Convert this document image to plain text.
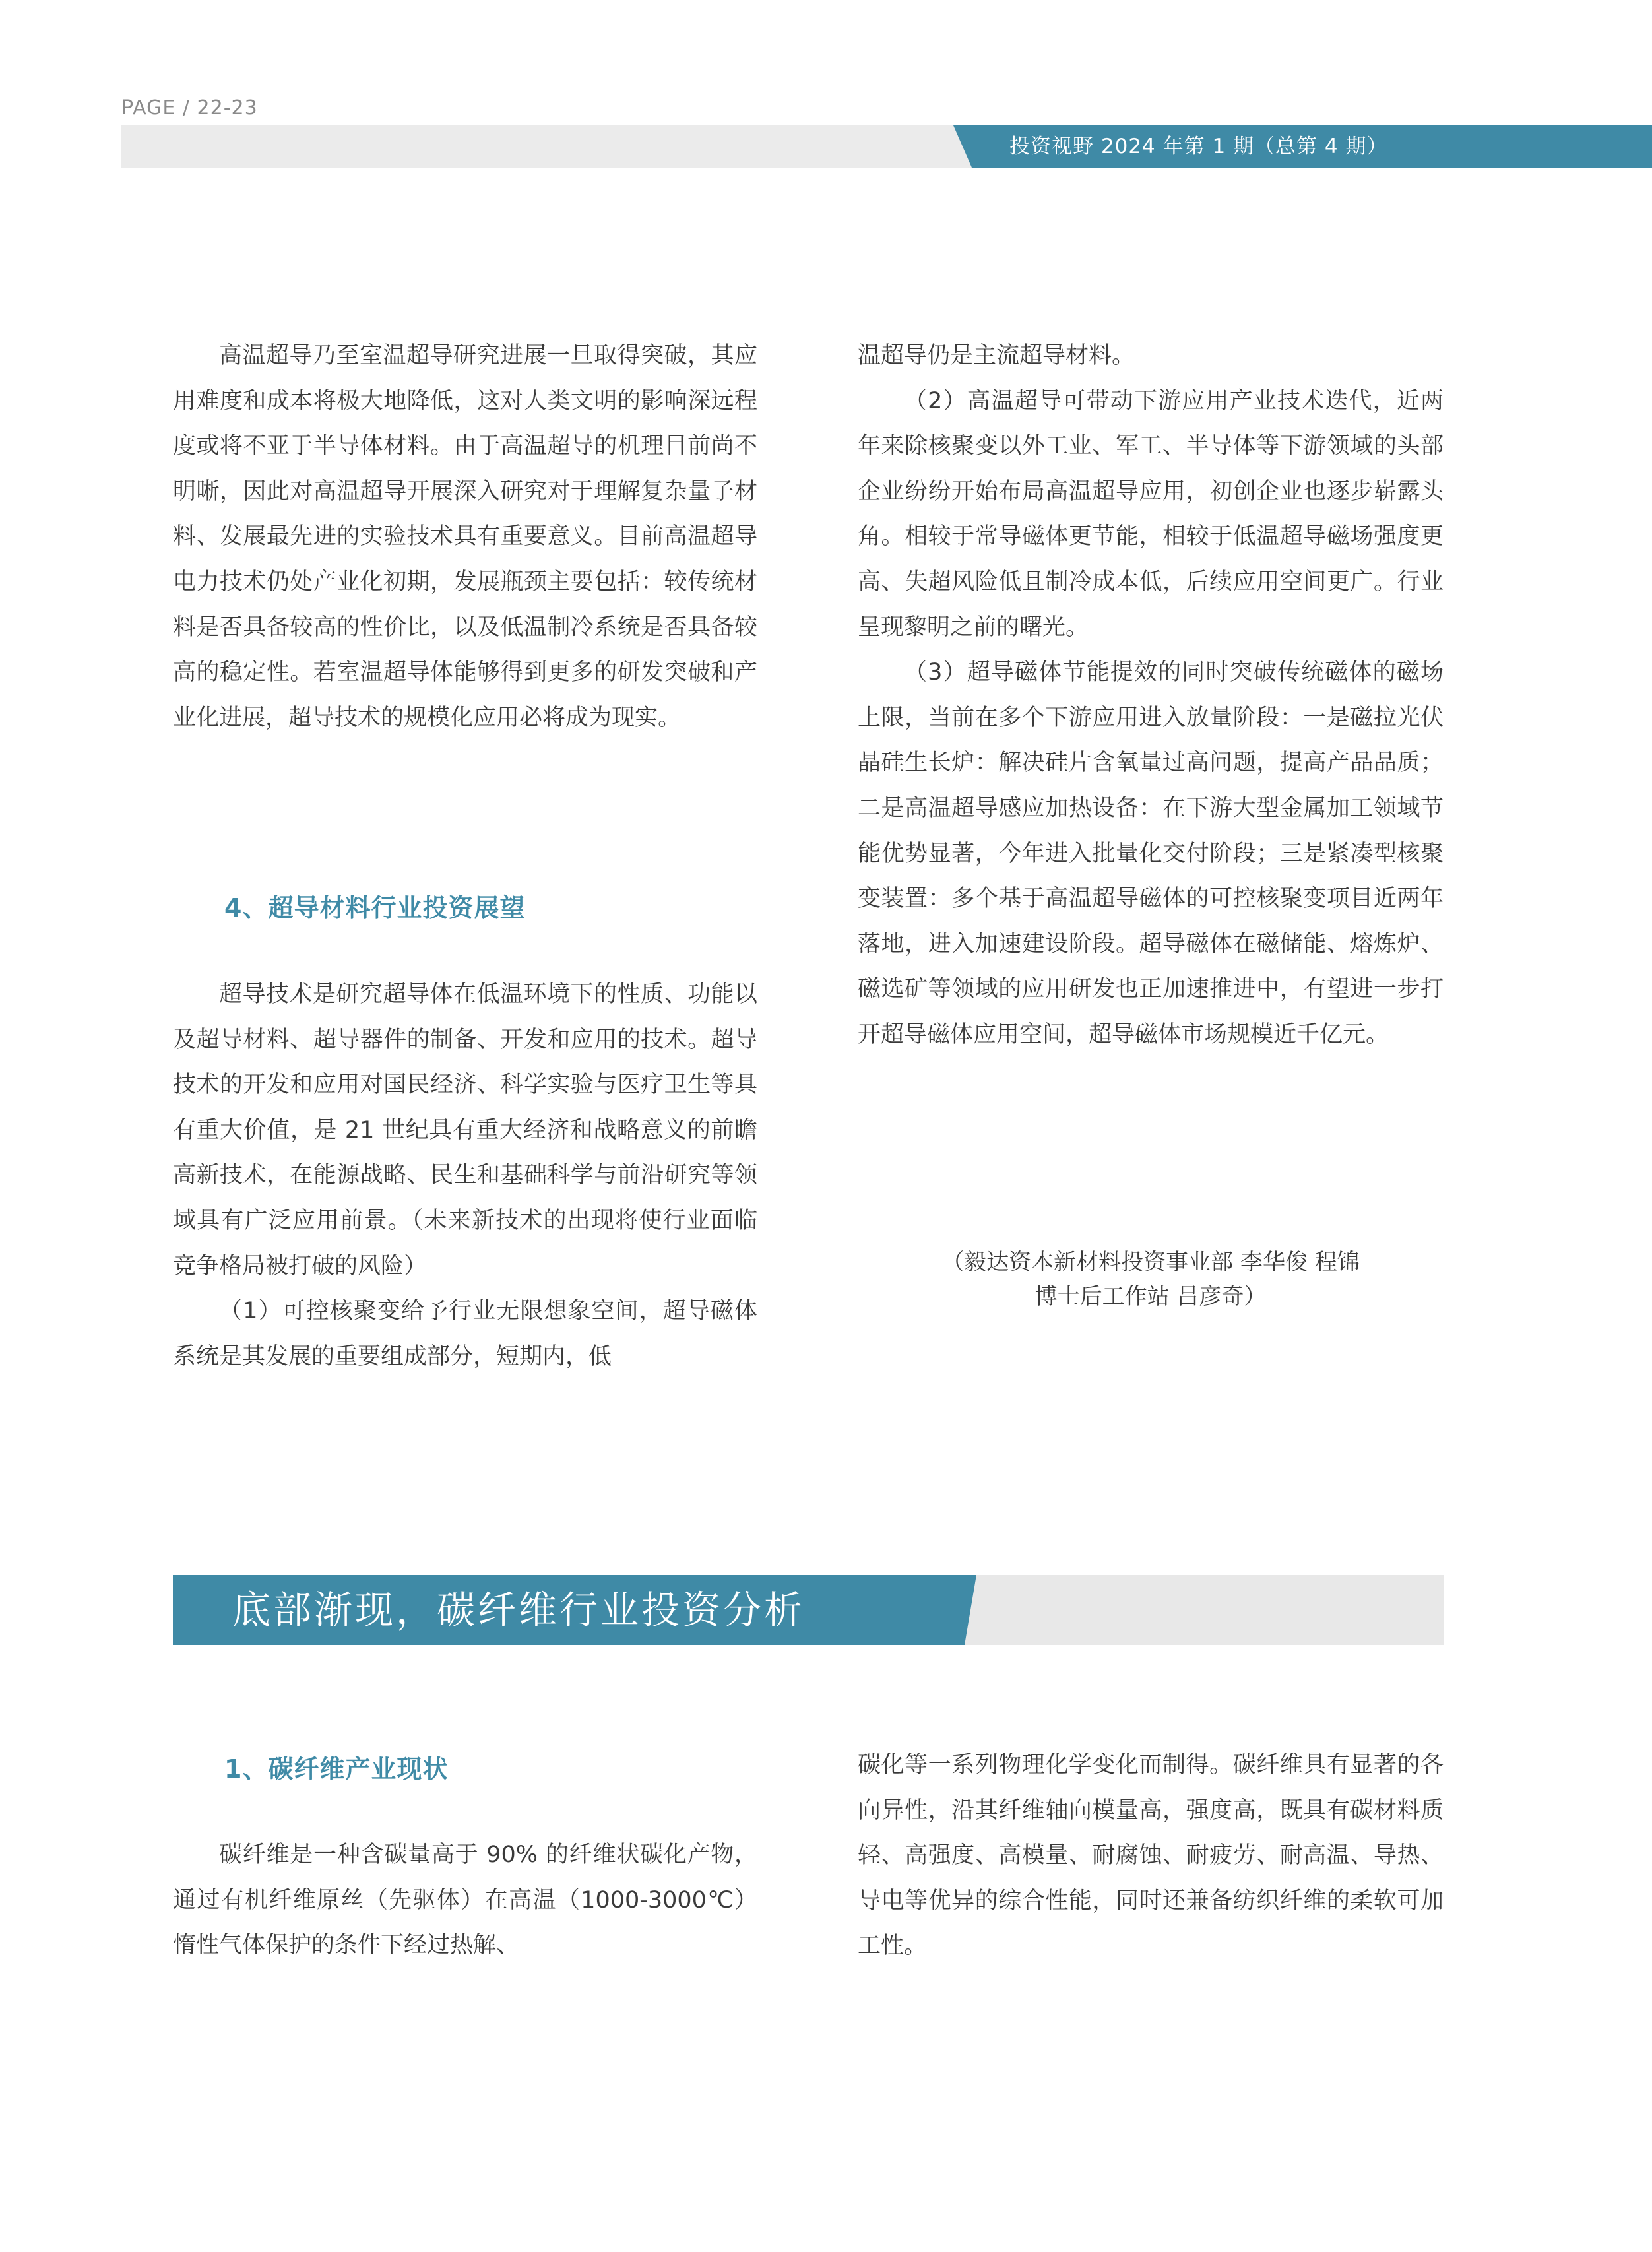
PAGE / 22-23
投资视野 2024 年第 1 期（总第 4 期）

高温超导乃至室温超导研究进展一旦取得突破，其应用难度和成本将极大地降低，这对人类文明的影响深远程度或将不亚于半导体材料。由于高温超导的机理目前尚不明晰，因此对高温超导开展深入研究对于理解复杂量子材料、发展最先进的实验技术具有重要意义。目前高温超导电力技术仍处产业化初期，发展瓶颈主要包括：较传统材料是否具备较高的性价比，以及低温制冷系统是否具备较高的稳定性。若室温超导体能够得到更多的研发突破和产业化进展，超导技术的规模化应用必将成为现实。

4、超导材料行业投资展望

超导技术是研究超导体在低温环境下的性质、功能以及超导材料、超导器件的制备、开发和应用的技术。超导技术的开发和应用对国民经济、科学实验与医疗卫生等具有重大价值，是 21 世纪具有重大经济和战略意义的前瞻高新技术，在能源战略、民生和基础科学与前沿研究等领域具有广泛应用前景。（未来新技术的出现将使行业面临竞争格局被打破的风险）

（1）可控核聚变给予行业无限想象空间，超导磁体系统是其发展的重要组成部分，短期内，低

温超导仍是主流超导材料。

（2）高温超导可带动下游应用产业技术迭代，近两年来除核聚变以外工业、军工、半导体等下游领域的头部企业纷纷开始布局高温超导应用，初创企业也逐步崭露头角。相较于常导磁体更节能，相较于低温超导磁场强度更高、失超风险低且制冷成本低，后续应用空间更广。行业呈现黎明之前的曙光。

（3）超导磁体节能提效的同时突破传统磁体的磁场上限，当前在多个下游应用进入放量阶段：一是磁拉光伏晶硅生长炉：解决硅片含氧量过高问题，提高产品品质；二是高温超导感应加热设备：在下游大型金属加工领域节能优势显著，今年进入批量化交付阶段；三是紧凑型核聚变装置：多个基于高温超导磁体的可控核聚变项目近两年落地，进入加速建设阶段。超导磁体在磁储能、熔炼炉、磁选矿等领域的应用研发也正加速推进中，有望进一步打开超导磁体应用空间，超导磁体市场规模近千亿元。

（毅达资本新材料投资事业部 李华俊 程锦
博士后工作站 吕彦奇）
底部渐现，碳纤维行业投资分析
1、碳纤维产业现状

碳纤维是一种含碳量高于 90% 的纤维状碳化产物，通过有机纤维原丝（先驱体）在高温（1000-3000℃）惰性气体保护的条件下经过热解、

碳化等一系列物理化学变化而制得。碳纤维具有显著的各向异性，沿其纤维轴向模量高，强度高，既具有碳材料质轻、高强度、高模量、耐腐蚀、耐疲劳、耐高温、导热、导电等优异的综合性能，同时还兼备纺织纤维的柔软可加工性。
